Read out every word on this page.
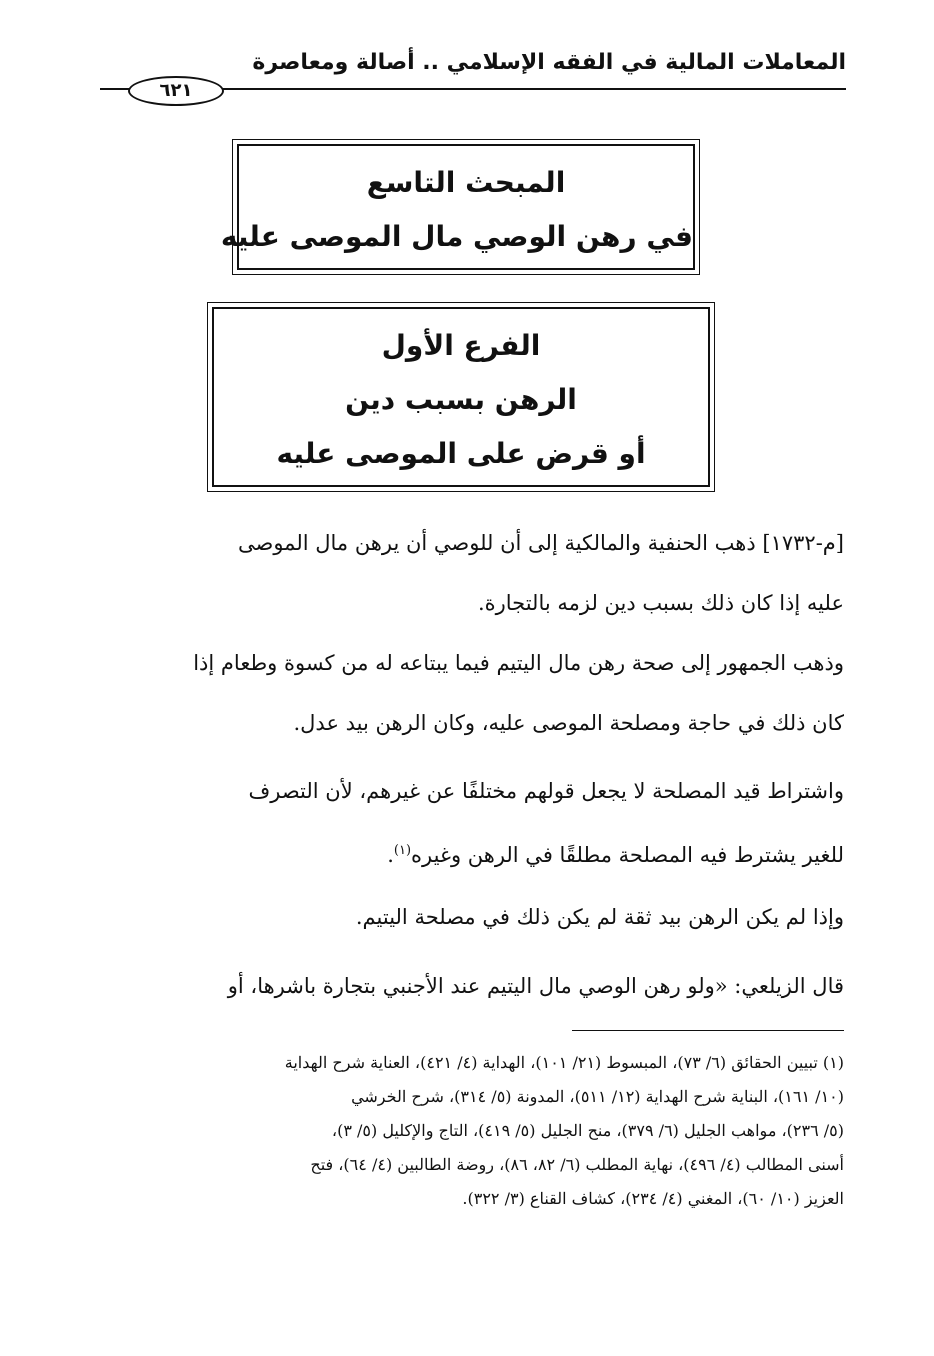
المعاملات المالية في الفقه الإسلامي .. أصالة ومعاصرة
٦٢١
المبحث التاسع
في رهن الوصي مال الموصى عليه
الفرع الأول
الرهن بسبب دين
أو قرض على الموصى عليه
[م-١٧٣٢] ذهب الحنفية والمالكية إلى أن للوصي أن يرهن مال الموصى
عليه إذا كان ذلك بسبب دين لزمه بالتجارة.
وذهب الجمهور إلى صحة رهن مال اليتيم فيما يبتاعه له من كسوة وطعام إذا
كان ذلك في حاجة ومصلحة الموصى عليه، وكان الرهن بيد عدل.
واشتراط قيد المصلحة لا يجعل قولهم مختلفًا عن غيرهم، لأن التصرف
للغير يشترط فيه المصلحة مطلقًا في الرهن وغيره$^{(١)}$.
وإذا لم يكن الرهن بيد ثقة لم يكن ذلك في مصلحة اليتيم.
قال الزيلعي: «ولو رهن الوصي مال اليتيم عند الأجنبي بتجارة باشرها، أو
(١) تبيين الحقائق (٦/ ٧٣)، المبسوط (٢١/ ١٠١)، الهداية (٤/ ٤٢١)، العناية شرح الهداية
(١٠/ ١٦١)، البناية شرح الهداية (١٢/ ٥١١)، المدونة (٥/ ٣١٤)، شرح الخرشي
(٥/ ٢٣٦)، مواهب الجليل (٦/ ٣٧٩)، منح الجليل (٥/ ٤١٩)، التاج والإكليل (٥/ ٣)،
أسنى المطالب (٤/ ٤٩٦)، نهاية المطلب (٦/ ٨٢، ٨٦)، روضة الطالبين (٤/ ٦٤)، فتح
العزيز (١٠/ ٦٠)، المغني (٤/ ٢٣٤)، كشاف القناع (٣/ ٣٢٢).
